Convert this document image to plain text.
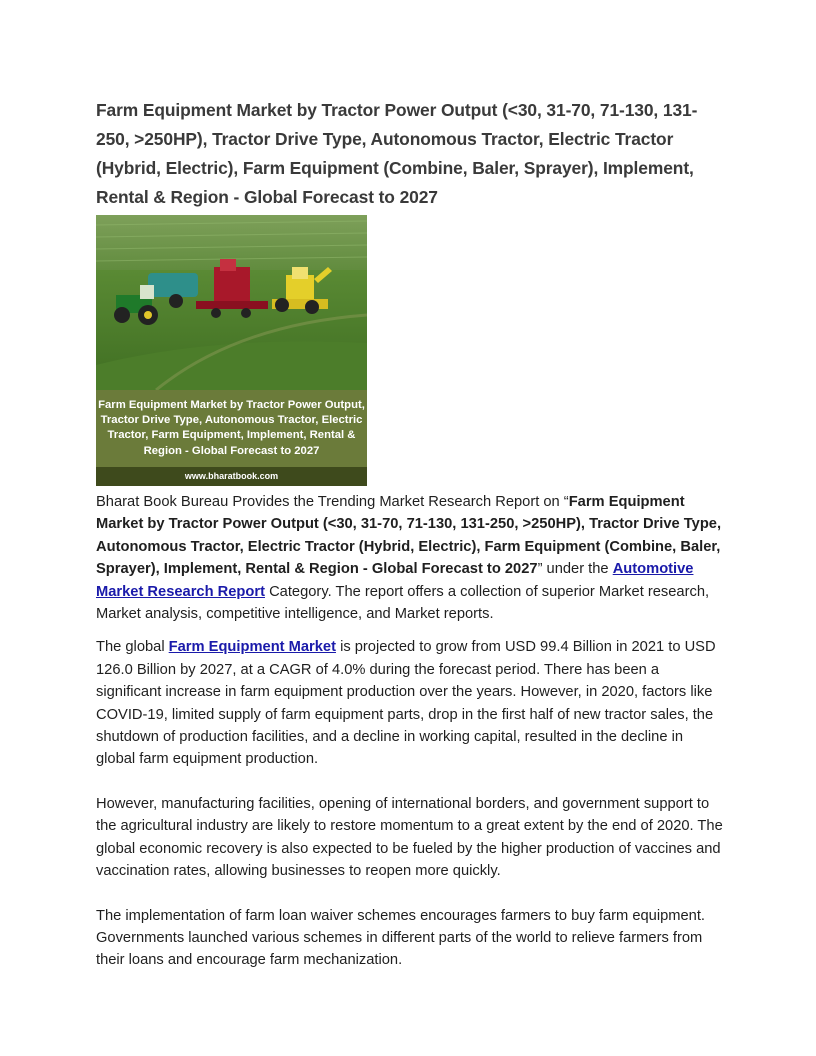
Farm Equipment Market by Tractor Power Output (<30, 31-70, 71-130, 131-250, >250HP), Tractor Drive Type, Autonomous Tractor, Electric Tractor (Hybrid, Electric), Farm Equipment (Combine, Baler, Sprayer), Implement, Rental & Region - Global Forecast to 2027
Farm Equipment Market by Tractor Power Output, Tractor Drive Type, Autonomous Tractor, Electric Tractor, Farm Equipment, Implement, Rental & Region - Global Forecast to 2027
www.bharatbook.com

Bharat Book Bureau Provides the Trending Market Research Report on “Farm Equipment Market by Tractor Power Output (<30, 31-70, 71-130, 131-250, >250HP), Tractor Drive Type, Autonomous Tractor, Electric Tractor (Hybrid, Electric), Farm Equipment (Combine, Baler, Sprayer), Implement, Rental & Region - Global Forecast to 2027” under the Automotive Market Research Report Category. The report offers a collection of superior Market research, Market analysis, competitive intelligence, and Market reports.

The global Farm Equipment Market is projected to grow from USD 99.4 Billion in 2021 to USD 126.0 Billion by 2027, at a CAGR of 4.0% during the forecast period. There has been a significant increase in farm equipment production over the years. However, in 2020, factors like COVID-19, limited supply of farm equipment parts, drop in the first half of new tractor sales, the shutdown of production facilities, and a decline in working capital, resulted in the decline in global farm equipment production.

However, manufacturing facilities, opening of international borders, and government support to the agricultural industry are likely to restore momentum to a great extent by the end of 2020. The global economic recovery is also expected to be fueled by the higher production of vaccines and vaccination rates, allowing businesses to reopen more quickly.

The implementation of farm loan waiver schemes encourages farmers to buy farm equipment. Governments launched various schemes in different parts of the world to relieve farmers from their loans and encourage farm mechanization.
